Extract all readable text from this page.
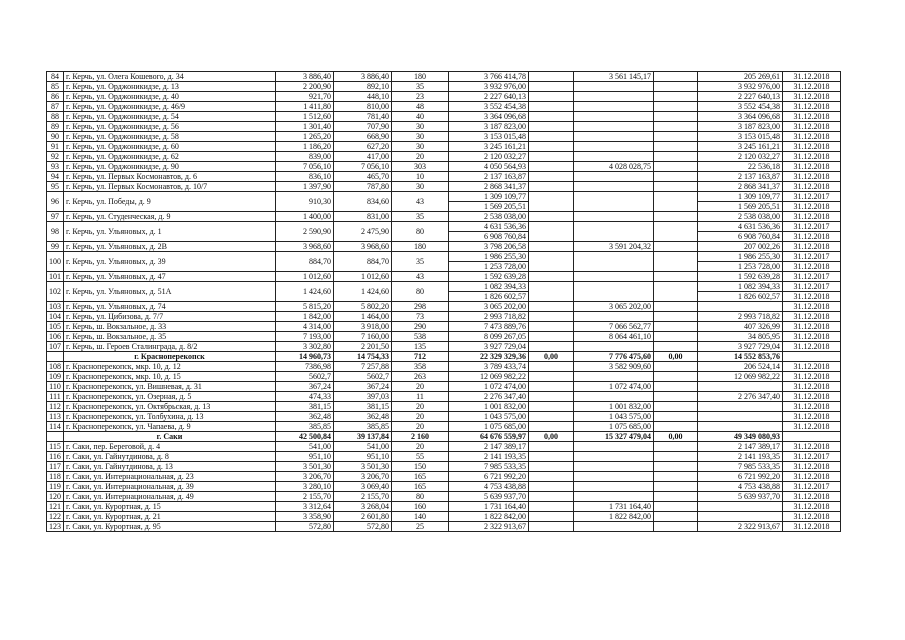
84	г. Керчь, ул. Олега Кошевого, д. 34	3 886,40	3 886,40	180	3 766 414,78		3 561 145,17		205 269,61	31.12.2018
85	г. Керчь, ул. Орджоникидзе, д. 13	2 200,90	892,10	35	3 932 976,00				3 932 976,00	31.12.2018
86	г. Керчь, ул. Орджоникидзе, д. 40	921,70	448,10	23	2 227 640,13				2 227 640,13	31.12.2018
87	г. Керчь, ул. Орджоникидзе, д. 46/9	1 411,80	810,00	48	3 552 454,38				3 552 454,38	31.12.2018
88	г. Керчь, ул. Орджоникидзе, д. 54	1 512,60	781,40	40	3 364 096,68				3 364 096,68	31.12.2018
89	г. Керчь, ул. Орджоникидзе, д. 56	1 301,40	707,90	30	3 187 823,00				3 187 823,00	31.12.2018
90	г. Керчь, ул. Орджоникидзе, д. 58	1 265,20	668,90	30	3 153 015,48				3 153 015,48	31.12.2018
91	г. Керчь, ул. Орджоникидзе, д. 60	1 186,20	627,20	30	3 245 161,21				3 245 161,21	31.12.2018
92	г. Керчь, ул. Орджоникидзе, д. 62	839,00	417,00	20	2 120 032,27				2 120 032,27	31.12.2018
93	г. Керчь, ул. Орджоникидзе, д. 90	7 056,10	7 056,10	303	4 050 564,93		4 028 028,75		22 536,18	31.12.2018
94	г. Керчь, ул. Первых Космонавтов, д. 6	836,10	465,70	10	2 137 163,87				2 137 163,87	31.12.2018
95	г. Керчь, ул. Первых Космонавтов, д. 10/7	1 397,90	787,80	30	2 868 341,37				2 868 341,37	31.12.2018
96	г. Керчь, ул. Победы, д. 9	910,30	834,60	43	1 309 109,77				1 309 109,77	31.12.2017
					1 569 205,51				1 569 205,51	31.12.2018
97	г. Керчь, ул. Студенческая, д. 9	1 400,00	831,00	35	2 538 038,00				2 538 038,00	31.12.2018
98	г. Керчь, ул. Ульяновых, д. 1	2 590,90	2 475,90	80	4 631 536,36				4 631 536,36	31.12.2017
					6 908 760,84				6 908 760,84	31.12.2018
99	г. Керчь, ул. Ульяновых, д. 2В	3 968,60	3 968,60	180	3 798 206,58		3 591 204,32		207 002,26	31.12.2018
100	г. Керчь, ул. Ульяновых, д. 39	884,70	884,70	35	1 986 255,30				1 986 255,30	31.12.2017
					1 253 728,00				1 253 728,00	31.12.2018
101	г. Керчь, ул. Ульяновых, д. 47	1 012,60	1 012,60	43	1 592 639,28				1 592 639,28	31.12.2017
102	г. Керчь, ул. Ульяновых, д. 51А	1 424,60	1 424,60	80	1 082 394,33				1 082 394,33	31.12.2017
					1 826 602,57				1 826 602,57	31.12.2018
103	г. Керчь, ул. Ульяновых, д. 74	5 815,20	5 802,20	298	3 065 202,00		3 065 202,00			31.12.2018
104	г. Керчь, ул. Цибизова, д. 7/7	1 842,00	1 464,00	73	2 993 718,82				2 993 718,82	31.12.2018
105	г. Керчь, ш. Вокзальное, д. 33	4 314,00	3 918,00	290	7 473 889,76		7 066 562,77		407 326,99	31.12.2018
106	г. Керчь, ш. Вокзальное, д. 35	7 193,00	7 160,00	538	8 099 267,05		8 064 461,10		34 805,95	31.12.2018
107	г. Керчь, ш. Героев Сталинграда, д. 8/2	3 302,80	2 201,50	135	3 927 729,04				3 927 729,04	31.12.2018
	г. Красноперекопск	14 960,73	14 754,33	712	22 329 329,36	0,00	7 776 475,60	0,00	14 552 853,76	
108	г. Красноперекопск, мкр. 10, д. 12	7386,98	7 257,88	358	3 789 433,74		3 582 909,60		206 524,14	31.12.2018
109	г. Красноперекопск, мкр. 10, д. 15	5602,7	5602,7	263	12 069 982,22				12 069 982,22	31.12.2018
110	г. Красноперекопск, ул. Вишневая, д. 31	367,24	367,24	20	1 072 474,00		1 072 474,00			31.12.2018
111	г. Красноперекопск, ул. Озерная, д. 5	474,33	397,03	11	2 276 347,40				2 276 347,40	31.12.2018
112	г. Красноперекопск, ул. Октябрьская, д. 13	381,15	381,15	20	1 001 832,00		1 001 832,00			31.12.2018
113	г. Красноперекопск, ул. Толбухина, д. 13	362,48	362,48	20	1 043 575,00		1 043 575,00			31.12.2018
114	г. Красноперекопск, ул. Чапаева, д. 9	385,85	385,85	20	1 075 685,00		1 075 685,00			31.12.2018
	г. Саки	42 500,84	39 137,84	2 160	64 676 559,97	0,00	15 327 479,04	0,00	49 349 080,93	
115	г. Саки, пер. Береговой, д. 4	541,00	541,00	20	2 147 389,17				2 147 389,17	31.12.2018
116	г. Саки, ул. Гайнутдинова, д. 8	951,10	951,10	55	2 141 193,35				2 141 193,35	31.12.2017
117	г. Саки, ул. Гайнутдинова, д. 13	3 501,30	3 501,30	150	7 985 533,35				7 985 533,35	31.12.2018
118	г. Саки, ул. Интернациональная, д. 23	3 206,70	3 206,70	165	6 721 992,20				6 721 992,20	31.12.2018
119	г. Саки, ул. Интернациональная, д. 39	3 280,10	3 069,40	165	4 753 438,88				4 753 438,88	31.12.2017
120	г. Саки, ул. Интернациональная, д. 49	2 155,70	2 155,70	80	5 639 937,70				5 639 937,70	31.12.2018
121	г. Саки, ул. Курортная, д. 15	3 312,64	3 268,04	160	1 731 164,40		1 731 164,40			31.12.2018
122	г. Саки, ул. Курортная, д. 21	3 358,90	2 601,80	140	1 822 842,00		1 822 842,00			31.12.2018
123	г. Саки, ул. Курортная, д. 95	572,80	572,80	25	2 322 913,67				2 322 913,67	31.12.2018
